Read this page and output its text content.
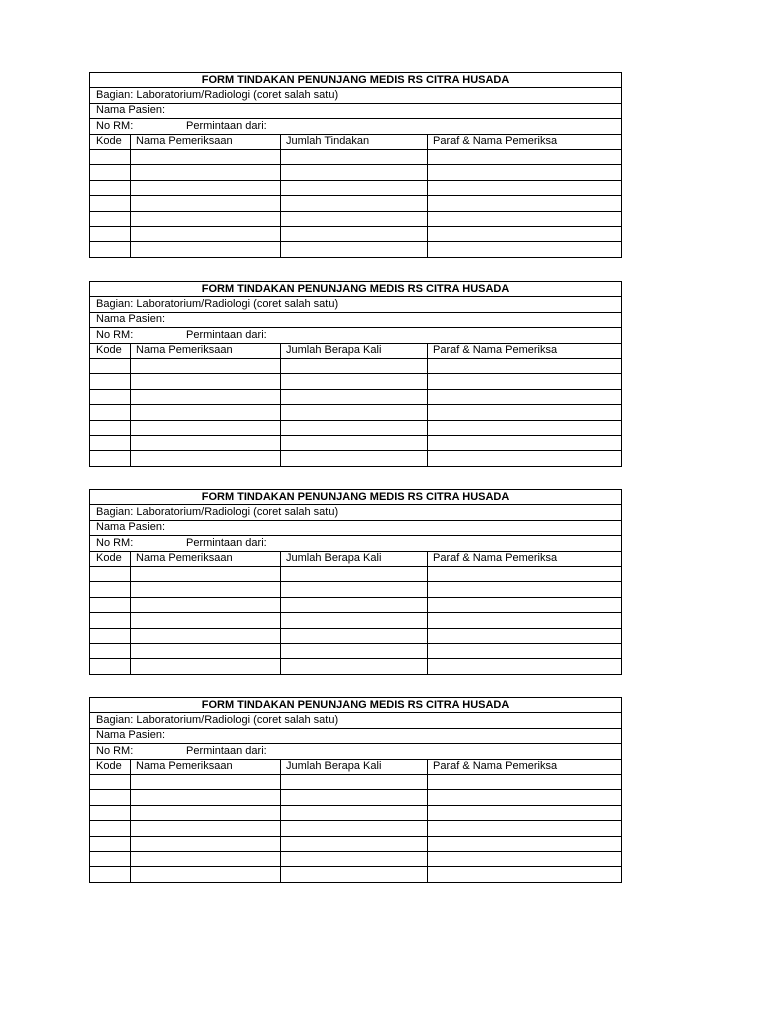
FORM TINDAKAN PENUNJANG MEDIS RS CITRA HUSADA			
Bagian: Laboratorium/Radiologi (coret salah satu)			
Nama Pasien:			
No RM: Permintaan dari:			
Kode	Nama Pemeriksaan	Jumlah Tindakan	Paraf & Nama Pemeriksa

FORM TINDAKAN PENUNJANG MEDIS RS CITRA HUSADA			
Bagian: Laboratorium/Radiologi (coret salah satu)			
Nama Pasien:			
No RM: Permintaan dari:			
Kode	Nama Pemeriksaan	Jumlah Berapa Kali	Paraf & Nama Pemeriksa

FORM TINDAKAN PENUNJANG MEDIS RS CITRA HUSADA			
Bagian: Laboratorium/Radiologi (coret salah satu)			
Nama Pasien:			
No RM: Permintaan dari:			
Kode	Nama Pemeriksaan	Jumlah Berapa Kali	Paraf & Nama Pemeriksa

FORM TINDAKAN PENUNJANG MEDIS RS CITRA HUSADA			
Bagian: Laboratorium/Radiologi (coret salah satu)			
Nama Pasien:			
No RM: Permintaan dari:			
Kode	Nama Pemeriksaan	Jumlah Berapa Kali	Paraf & Nama Pemeriksa
